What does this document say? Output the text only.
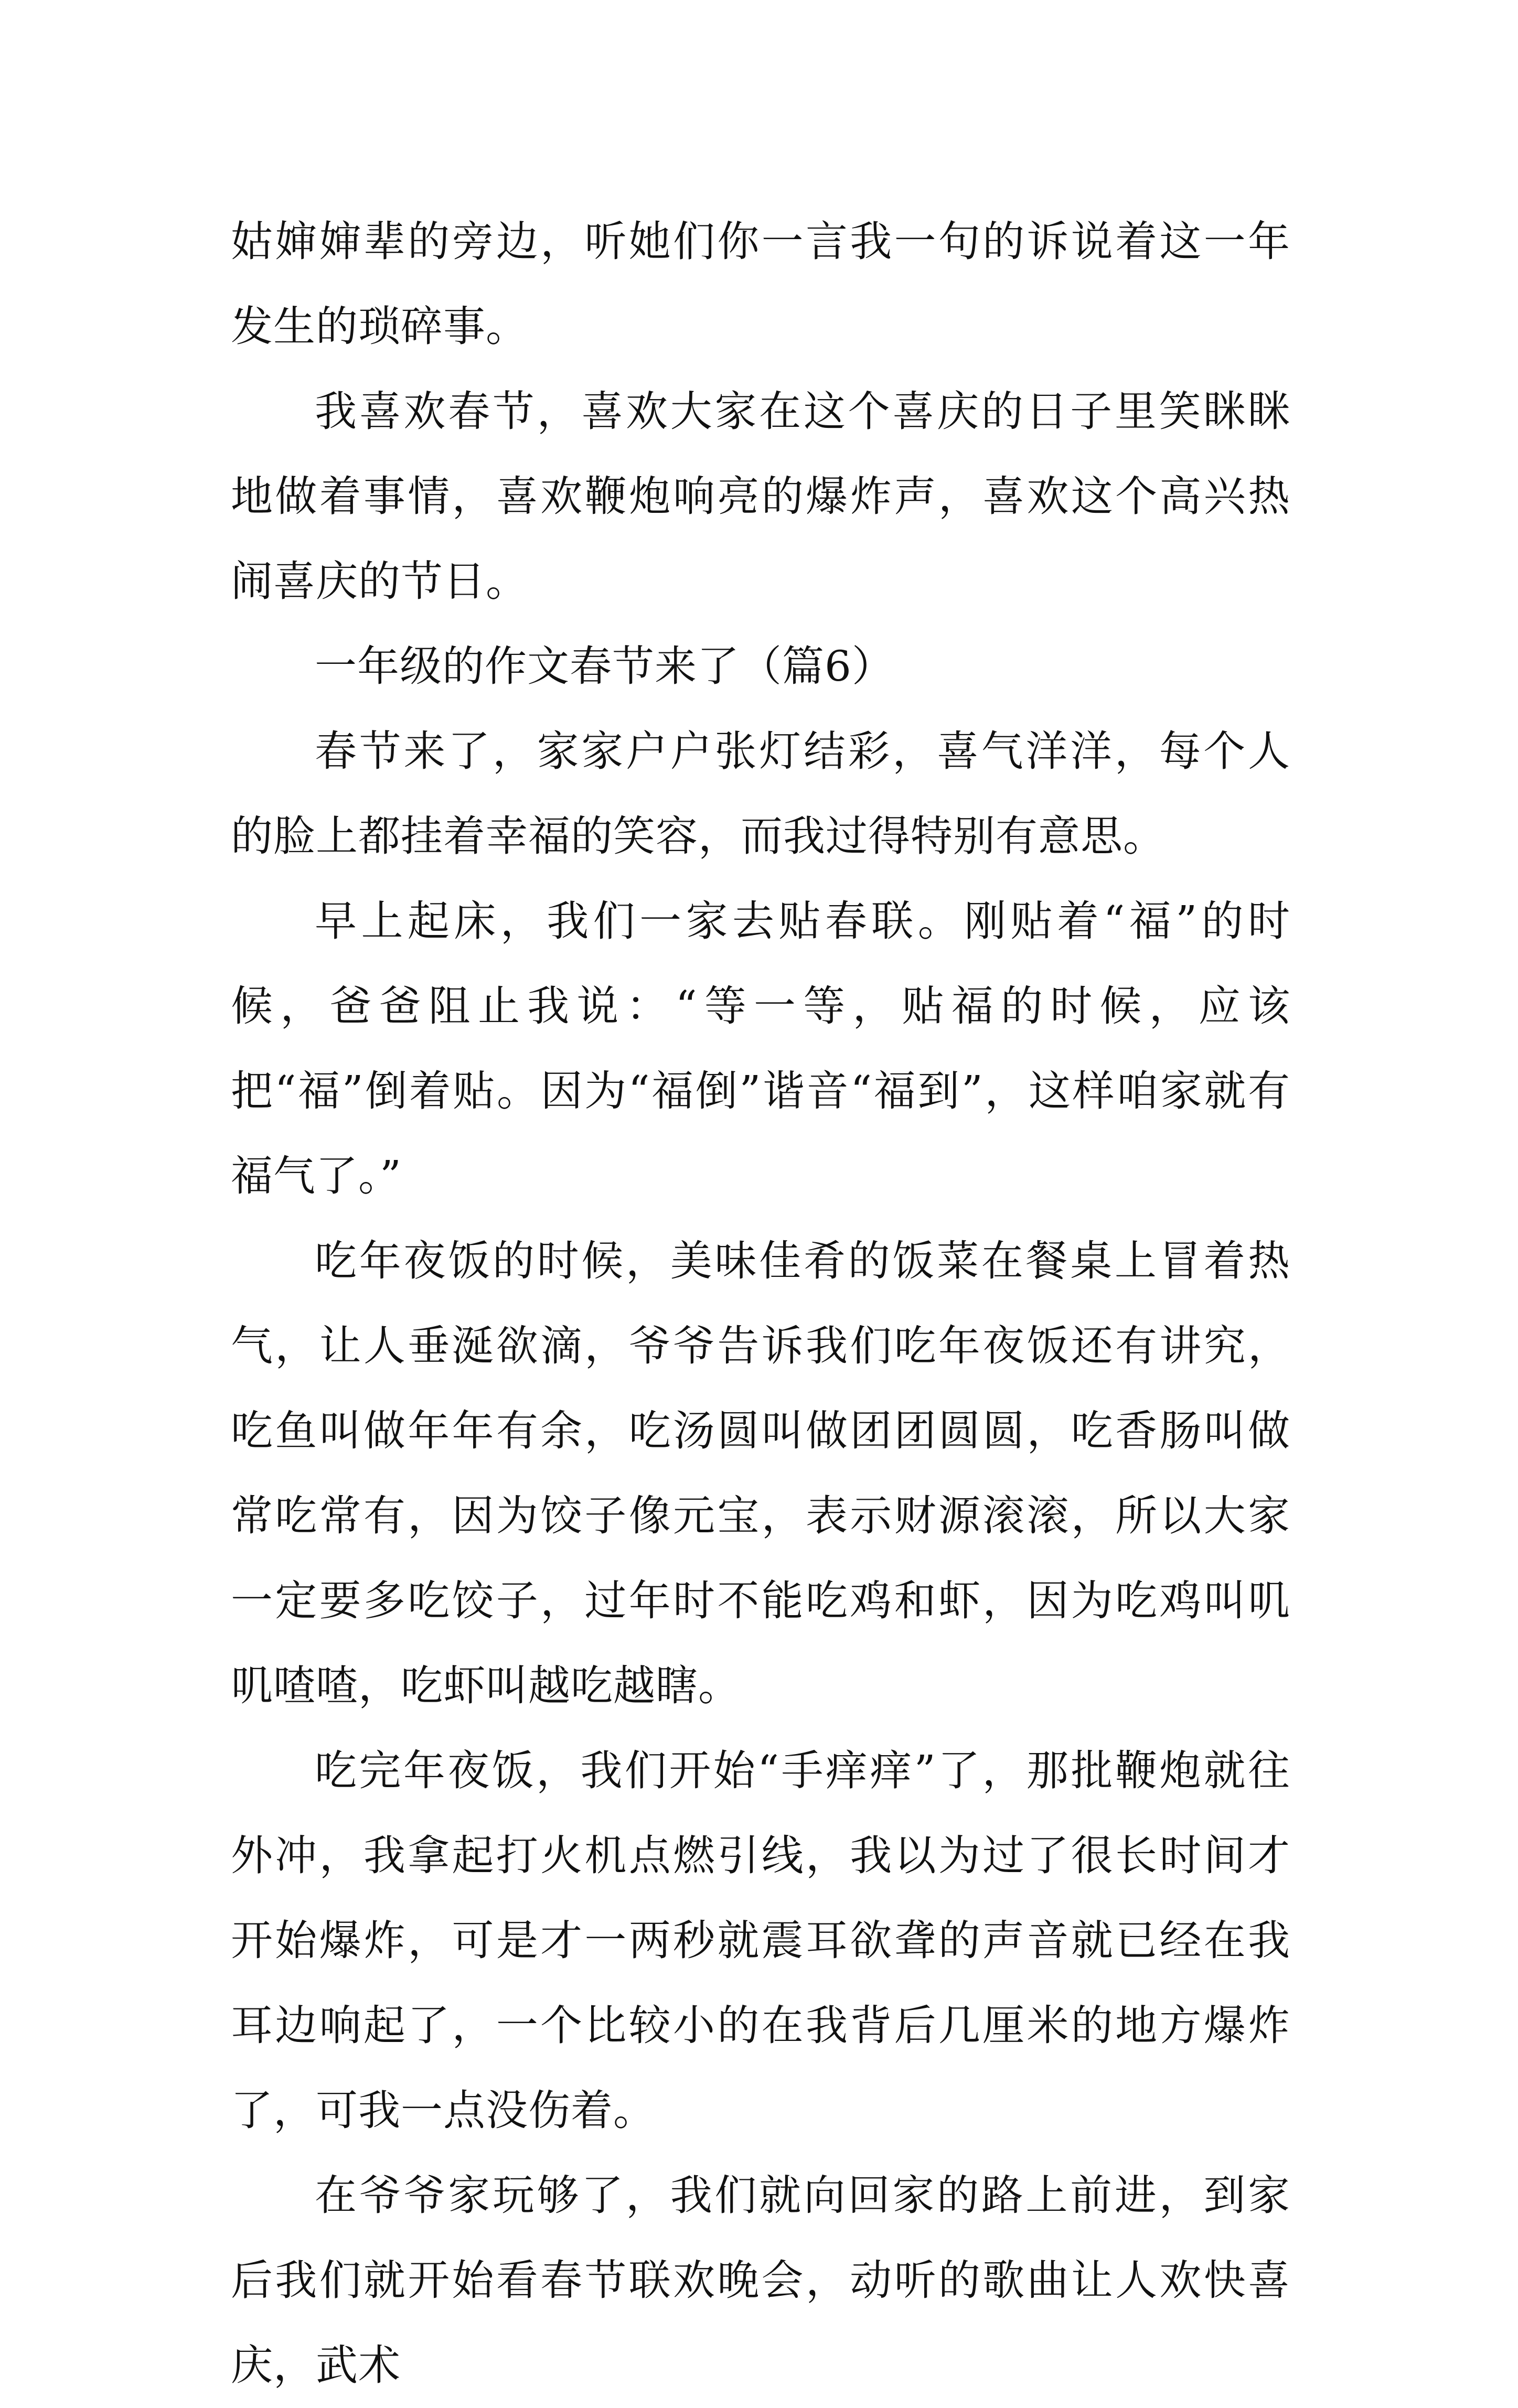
姑婶婶辈的旁边，听她们你一言我一句的诉说着这一年发生的琐碎事。

我喜欢春节，喜欢大家在这个喜庆的日子里笑眯眯地做着事情，喜欢鞭炮响亮的爆炸声，喜欢这个高兴热闹喜庆的节日。

一年级的作文春节来了（篇6）

春节来了，家家户户张灯结彩，喜气洋洋，每个人的脸上都挂着幸福的笑容，而我过得特别有意思。

早上起床，我们一家去贴春联。刚贴着“福”的时候，爸爸阻止我说：“等一等，贴福的时候，应该把“福”倒着贴。因为“福倒”谐音“福到”，这样咱家就有福气了。”

吃年夜饭的时候，美味佳肴的饭菜在餐桌上冒着热气，让人垂涎欲滴，爷爷告诉我们吃年夜饭还有讲究，吃鱼叫做年年有余，吃汤圆叫做团团圆圆，吃香肠叫做常吃常有，因为饺子像元宝，表示财源滚滚，所以大家一定要多吃饺子，过年时不能吃鸡和虾，因为吃鸡叫叽叽喳喳，吃虾叫越吃越瞎。

吃完年夜饭，我们开始“手痒痒”了，那批鞭炮就往外冲，我拿起打火机点燃引线，我以为过了很长时间才开始爆炸，可是才一两秒就震耳欲聋的声音就已经在我耳边响起了，一个比较小的在我背后几厘米的地方爆炸了，可我一点没伤着。

在爷爷家玩够了，我们就向回家的路上前进，到家后我们就开始看春节联欢晚会，动听的歌曲让人欢快喜庆，武术
